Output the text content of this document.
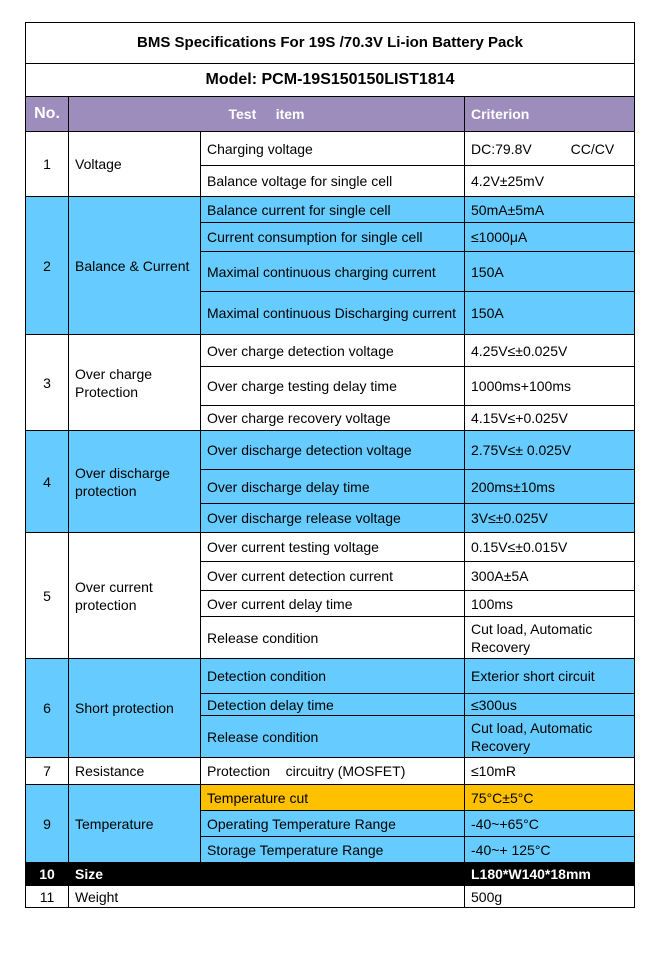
BMS Specifications For 19S /70.3V Li-ion Battery Pack			
Model: PCM-19S150150LIST1814			
No.	Test     item		Criterion
1	Voltage	Charging voltage	DC:79.8V          CC/CV
		Balance voltage for single cell	4.2V±25mV
2	Balance & Current	Balance current for single cell	50mA±5mA
		Current consumption for single cell	≤1000μA
		Maximal continuous charging current	150A
		Maximal continuous Discharging current	150A
3	Over charge Protection	Over charge detection voltage	4.25V≤±0.025V
		Over charge testing delay time	1000ms+100ms
		Over charge recovery voltage	4.15V≤+0.025V
4	Over discharge protection	Over discharge detection voltage	2.75V≤± 0.025V
		Over discharge delay time	200ms±10ms
		Over discharge release voltage	3V≤±0.025V
5	Over current protection	Over current testing voltage	0.15V≤±0.015V
		Over current detection current	300A±5A
		Over current delay time	100ms
		Release condition	Cut load, Automatic Recovery
6	Short protection	Detection condition	Exterior short circuit
		Detection delay time	≤300us
		Release condition	Cut load, Automatic Recovery
7	Resistance	Protection    circuitry (MOSFET)	≤10mR
9	Temperature	Temperature cut	75°C±5°C
		Operating Temperature Range	-40~+65°C
		Storage Temperature Range	-40~+ 125°C
10	Size		L180*W140*18mm
11	Weight		500g
